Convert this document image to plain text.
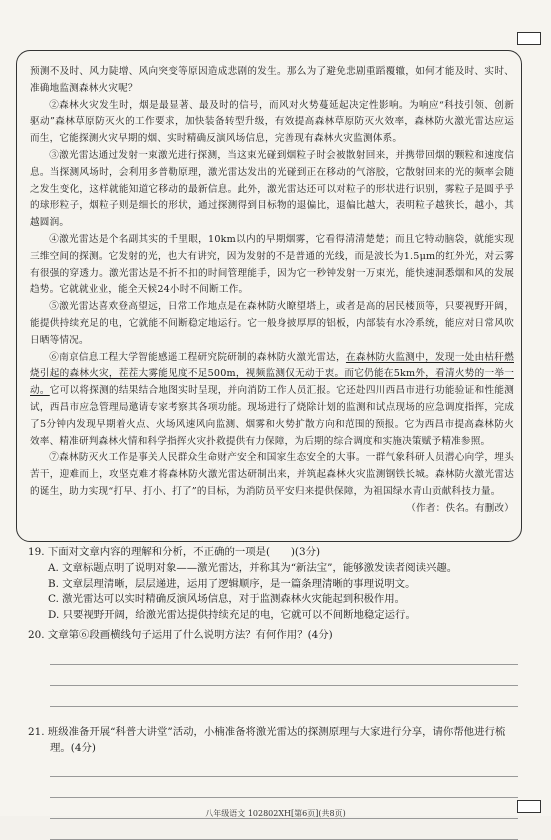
预测不及时、风力陡增、风向突变等原因造成悲剧的发生。那么为了避免悲剧重蹈覆辙，如何才能及时、实时、准确地监测森林火灾呢？

②森林火灾发生时，烟是最显著、最及时的信号，而风对火势蔓延起决定性影响。为响应“科技引领、创新驱动”森林草原防灭火的工作要求，加快装备转型升级，有效提高森林草原防灭火效率，森林防火激光雷达应运而生，它能探测火灾早期的烟、实时精确反演风场信息，完善现有森林火灾监测体系。

③激光雷达通过发射一束激光进行探测，当这束光碰到烟粒子时会被散射回来，并携带回烟的颗粒和速度信息。当探测风场时，会利用多普勒原理，激光雷达发出的光碰到正在移动的气溶胶，它散射回来的光的频率会随之发生变化，这样就能知道它移动的最新信息。此外，激光雷达还可以对粒子的形状进行识别，雾粒子是圆乎乎的球形粒子，烟粒子则是细长的形状，通过探测得到目标物的退偏比，退偏比越大，表明粒子越狭长，越小，其越圆润。

④激光雷达是个名副其实的千里眼，10km以内的早期烟雾，它看得清清楚楚；而且它特动脑袋，就能实现三维空间的探测。它发射的光，也大有讲究，因为发射的不是普通的光线，而是波长为1.5μm的红外光，对云雾有很强的穿透力。激光雷达是不折不扣的时间管理能手，因为它一秒钟发射一万束光，能快速洞悉烟和风的发展趋势。它就就业业，能全天候24小时不间断工作。

⑤激光雷达喜欢登高望远，日常工作地点是在森林防火瞭望塔上，或者是高的居民楼顶等，只要视野开阔，能提供持续充足的电，它就能不间断稳定地运行。它一般身披厚厚的铝板，内部装有水冷系统，能应对日常风吹日晒等情况。

⑥南京信息工程大学智能感遥工程研究院研制的森林防火激光雷达，在森林防火监测中，发现一处由枯秆燃烧引起的森林火灾，茬茬大雾能见度不足500m，视频监测仅无动于衷。而它仍能在5km外，看清火势的一举一动。它可以将探测的结果结合地图实时呈现，并向消防工作人员汇报。它还赴四川西昌市进行功能验证和性能测试，西昌市应急管理局邀请专家考察其各项功能。现场进行了烧除计划的监测和试点现场的应急调度指挥，完成了5分钟内发现早期着火点、火场风速风向监测、烟雾和火势扩散方向和范围的预报。它为西昌市提高森林防火效率、精准研判森林火情和科学指挥火灾扑救提供有力保障，为后期的综合调度和实施决策赋予精准参照。

⑦森林防灭火工作是事关人民群众生命财产安全和国家生态安全的大事。一群气象科研人员潜心向学，埋头苦干，迎难而上，攻坚克难才将森林防火激光雷达研制出来，并筑起森林火灾监测钢铁长城。森林防火激光雷达的诞生，助力实现“打早、打小、打了”的目标，为消防员平安归来提供保障，为祖国绿水青山贡献科技力量。

（作者：佚名。有删改）

19. 下面对文章内容的理解和分析，不正确的一项是(　　)(3分)

A. 文章标题点明了说明对象——激光雷达，并称其为“新法宝”，能够激发读者阅读兴趣。

B. 文章层理清晰，层层递进，运用了逻辑顺序，是一篇条理清晰的事理说明文。

C. 激光雷达可以实时精确反演风场信息，对于监测森林火灾能起到积极作用。

D. 只要视野开阔，给激光雷达提供持续充足的电，它就可以不间断地稳定运行。

20. 文章第⑥段画横线句子运用了什么说明方法？有何作用？(4分)

21. 班级准备开展“科普大讲堂”活动，小楠准备将激光雷达的探测原理与大家进行分享，请你帮他进行梳理。(4分)

八年级语文 102802XH[第6页](共8页)
